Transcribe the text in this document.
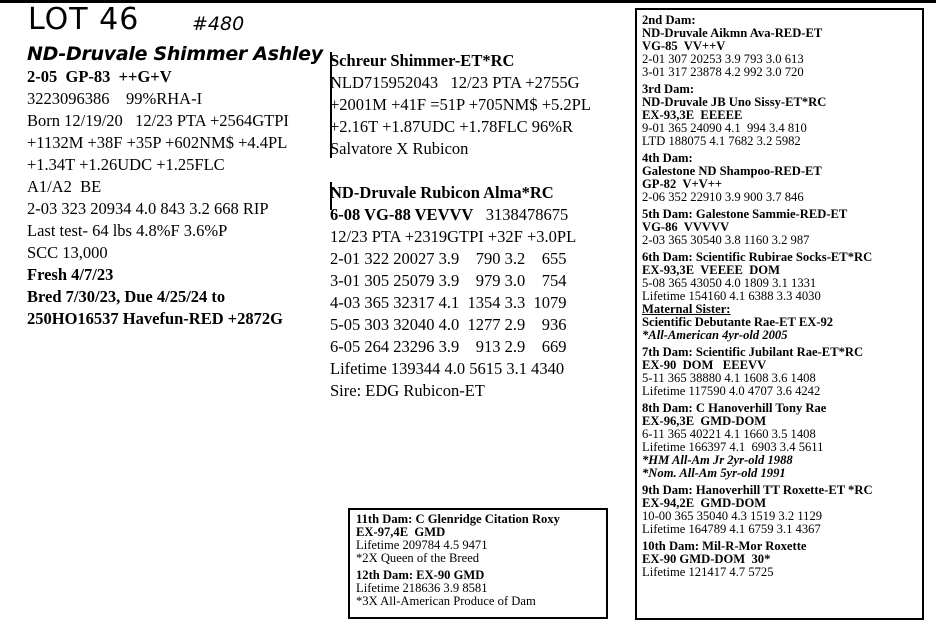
LOT 46	#480
ND-Druvale Shimmer Ashley
2-05  GP-83  ++G+V
3223096386    99%RHA-I
Born 12/19/20   12/23 PTA +2564GTPI
+1132M +38F +35P +602NM$ +4.4PL
+1.34T +1.26UDC +1.25FLC
A1/A2  BE
2-03 323 20934 4.0 843 3.2 668 RIP
Last test- 64 lbs 4.8%F 3.6%P
SCC 13,000
Fresh 4/7/23
Bred 7/30/23, Due 4/25/24 to
250HO16537 Havefun-RED +2872G
Schreur Shimmer-ET*RC
NLD715952043   12/23 PTA +2755G
+2001M +41F =51P +705NM$ +5.2PL
+2.16T +1.87UDC +1.78FLC 96%R
Salvatore X Rubicon
ND-Druvale Rubicon Alma*RC
6-08 VG-88 VEVVV   3138478675
12/23 PTA +2319GTPI +32F +3.0PL
2-01 322 20027 3.9    790 3.2    655
3-01 305 25079 3.9    979 3.0    754
4-03 365 32317 4.1  1354 3.3  1079
5-05 303 32040 4.0  1277 2.9    936
6-05 264 23296 3.9    913 2.9    669
Lifetime 139344 4.0 5615 3.1 4340
Sire: EDG Rubicon-ET
2nd Dam:
ND-Druvale Aikmn Ava-RED-ET
VG-85  VV++V
2-01 307 20253 3.9 793 3.0 613
3-01 317 23878 4.2 992 3.0 720
3rd Dam:
ND-Druvale JB Uno Sissy-ET*RC
EX-93,3E  EEEEE
9-01 365 24090 4.1  994 3.4 810
LTD 188075 4.1 7682 3.2 5982
4th Dam:
Galestone ND Shampoo-RED-ET
GP-82  V+V++
2-06 352 22910 3.9 900 3.7 846
5th Dam: Galestone Sammie-RED-ET
VG-86  VVVVV
2-03 365 30540 3.8 1160 3.2 987
6th Dam: Scientific Rubirae Socks-ET*RC
EX-93,3E  VEEEE  DOM
5-08 365 43050 4.0 1809 3.1 1331
Lifetime 154160 4.1 6388 3.3 4030
Maternal Sister:
Scientific Debutante Rae-ET EX-92
*All-American 4yr-old 2005
7th Dam: Scientific Jubilant Rae-ET*RC
EX-90  DOM   EEEVV
5-11 365 38880 4.1 1608 3.6 1408
Lifetime 117590 4.0 4707 3.6 4242
8th Dam: C Hanoverhill Tony Rae
EX-96,3E  GMD-DOM
6-11 365 40221 4.1 1660 3.5 1408
Lifetime 166397 4.1  6903 3.4 5611
*HM All-Am Jr 2yr-old 1988
*Nom. All-Am 5yr-old 1991
9th Dam: Hanoverhill TT Roxette-ET *RC
EX-94,2E  GMD-DOM
10-00 365 35040 4.3 1519 3.2 1129
Lifetime 164789 4.1 6759 3.1 4367
10th Dam: Mil-R-Mor Roxette
EX-90 GMD-DOM  30*
Lifetime 121417 4.7 5725
11th Dam: C Glenridge Citation Roxy
EX-97,4E  GMD
Lifetime 209784 4.5 9471
*2X Queen of the Breed
12th Dam: EX-90 GMD
Lifetime 218636 3.9 8581
*3X All-American Produce of Dam
